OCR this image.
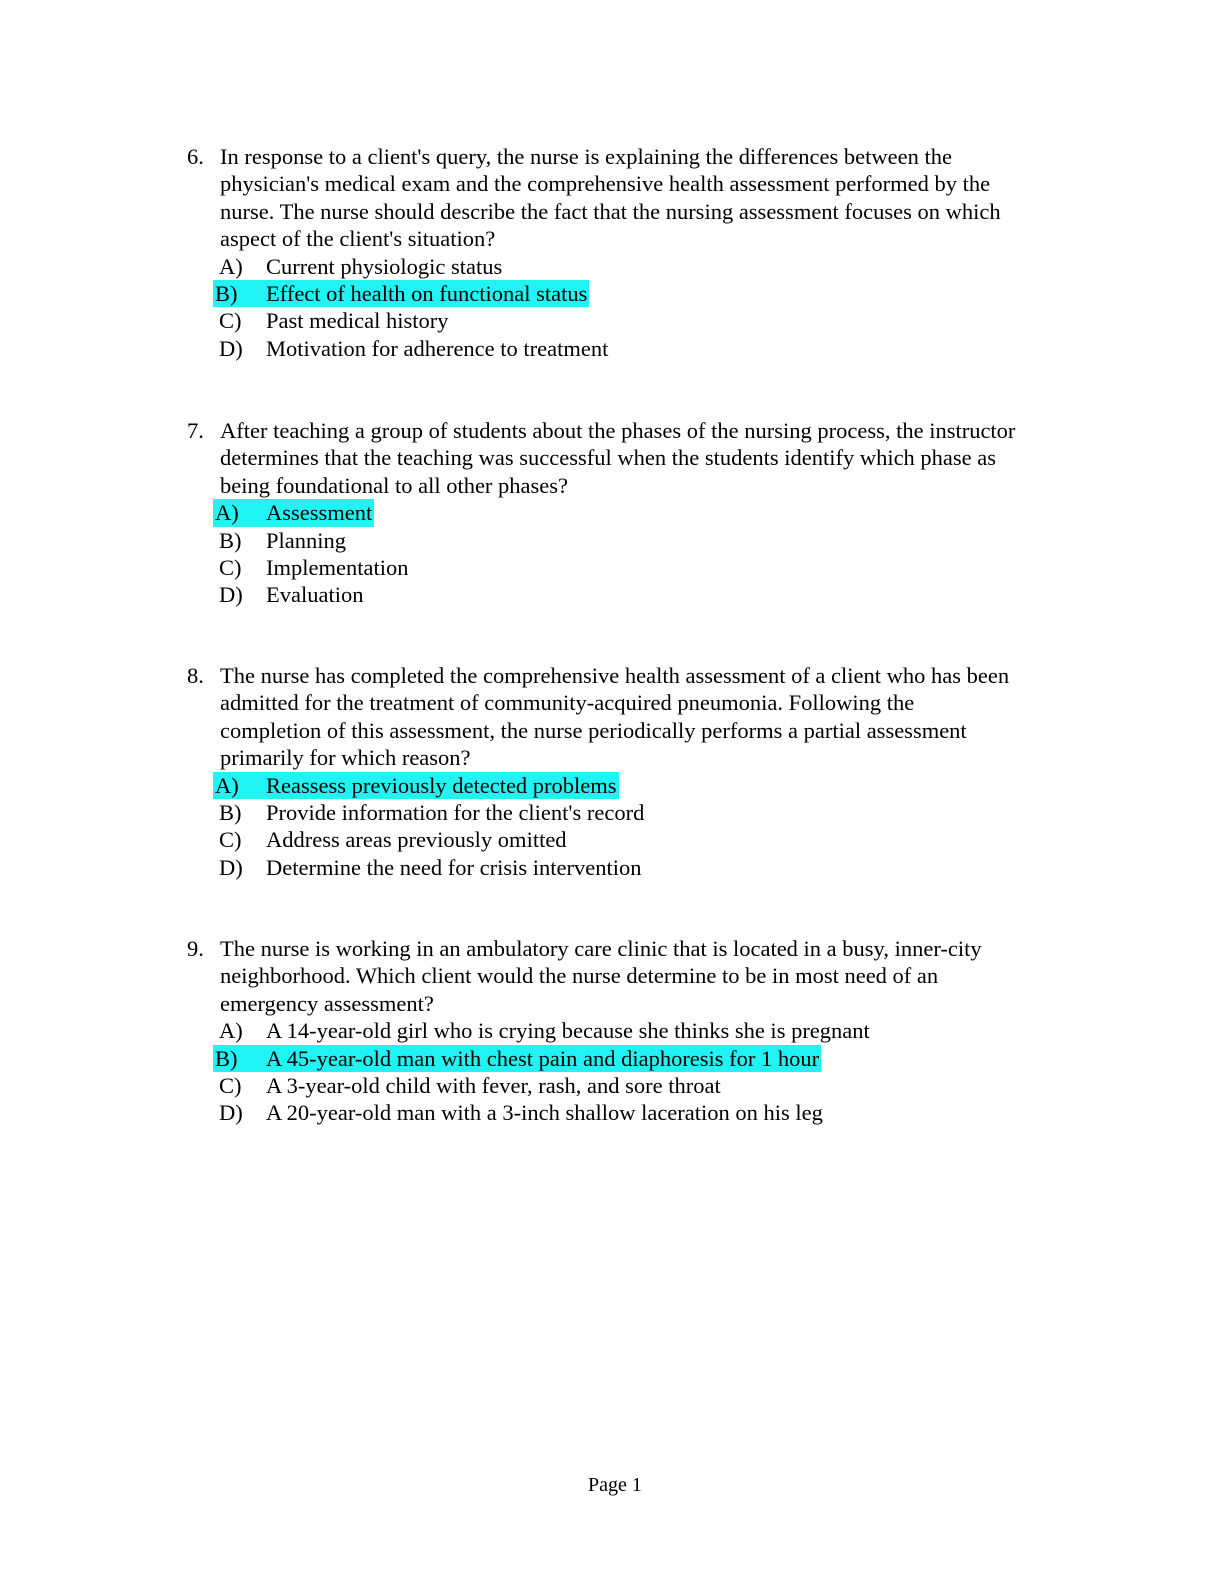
6. In response to a client's query, the nurse is explaining the differences between the
physician's medical exam and the comprehensive health assessment performed by the
nurse. The nurse should describe the fact that the nursing assessment focuses on which
aspect of the client's situation?
A) Current physiologic status
B) Effect of health on functional status
C) Past medical history
D) Motivation for adherence to treatment
7. After teaching a group of students about the phases of the nursing process, the instructor
determines that the teaching was successful when the students identify which phase as
being foundational to all other phases?
A) Assessment
B) Planning
C) Implementation
D) Evaluation
8. The nurse has completed the comprehensive health assessment of a client who has been
admitted for the treatment of community-acquired pneumonia. Following the
completion of this assessment, the nurse periodically performs a partial assessment
primarily for which reason?
A) Reassess previously detected problems
B) Provide information for the client's record
C) Address areas previously omitted
D) Determine the need for crisis intervention
9. The nurse is working in an ambulatory care clinic that is located in a busy, inner-city
neighborhood. Which client would the nurse determine to be in most need of an
emergency assessment?
A) A 14-year-old girl who is crying because she thinks she is pregnant
B) A 45-year-old man with chest pain and diaphoresis for 1 hour
C) A 3-year-old child with fever, rash, and sore throat
D) A 20-year-old man with a 3-inch shallow laceration on his leg
Page 1
